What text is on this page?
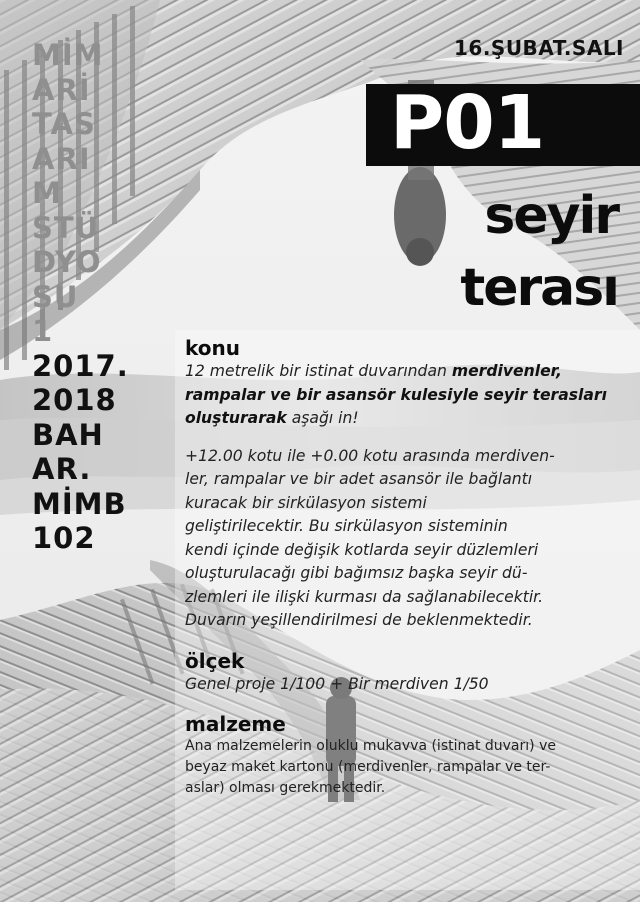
MİM
ARİ
TAS
ARI
M
STÜ
DYO
SU
1
2017.
2018
BAH
AR.
MİMB
102
16.ŞUBAT.SALI
P01
seyir
terası
konu
12 metrelik bir istinat duvarından merdivenler, rampalar ve bir asansör kulesiyle seyir terasları oluşturarak aşağı in!
+12.00 kotu ile +0.00 kotu arasında merdiven-
ler, rampalar ve bir adet asansör ile bağlantı
kuracak bir sirkülasyon sistemi
geliştirilecektir. Bu sirkülasyon sisteminin
kendi içinde değişik kotlarda seyir düzlemleri
oluşturulacağı gibi bağımsız başka seyir dü-
zlemleri ile ilişki kurması da sağlanabilecektir.
Duvarın yeşillendirilmesi de beklenmektedir.
ölçek
Genel proje 1/100 + Bir merdiven 1/50
malzeme
Ana malzemelerin oluklu mukavva (istinat duvarı) ve
beyaz maket kartonu (merdivenler, rampalar ve ter-
aslar) olması gerekmektedir.
